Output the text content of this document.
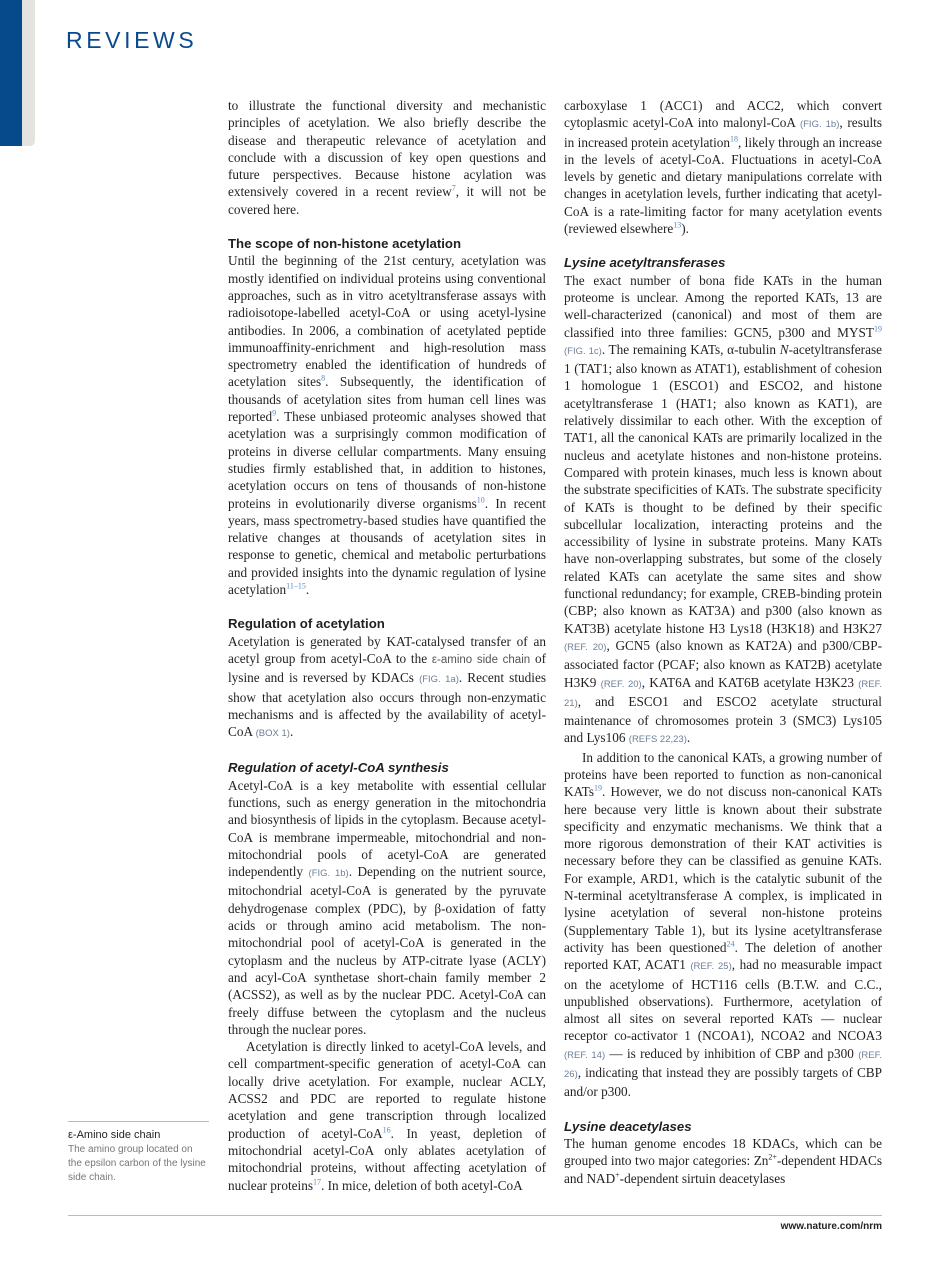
REVIEWS

to illustrate the functional diversity and mechanistic principles of acetylation. We also briefly describe the disease and therapeutic relevance of acetylation and conclude with a discussion of key open questions and future perspectives. Because histone acylation was extensively covered in a recent review$^7$, it will not be covered here.

The scope of non-histone acetylation

Until the beginning of the 21st century, acetylation was mostly identified on individual proteins using conventional approaches, such as in vitro acetyltransferase assays with radioisotope-labelled acetyl-CoA or using acetyl-lysine antibodies. In 2006, a combination of acetylated peptide immunoaffinity-enrichment and high-resolution mass spectrometry enabled the identification of hundreds of acetylation sites$^8$. Subsequently, the identification of thousands of acetylation sites from human cell lines was reported$^9$. These unbiased proteomic analyses showed that acetylation was a surprisingly common modification of proteins in diverse cellular compartments. Many ensuing studies firmly established that, in addition to histones, acetylation occurs on tens of thousands of non-histone proteins in evolutionarily diverse organisms$^{10}$. In recent years, mass spectrometry-based studies have quantified the relative changes at thousands of acetylation sites in response to genetic, chemical and metabolic perturbations and provided insights into the dynamic regulation of lysine acetylation$^{11-15}$.

Regulation of acetylation

Acetylation is generated by KAT-catalysed transfer of an acetyl group from acetyl-CoA to the ε-amino side chain of lysine and is reversed by KDACs (FIG. 1a). Recent studies show that acetylation also occurs through non-enzymatic mechanisms and is affected by the availability of acetyl-CoA (BOX 1).

Regulation of acetyl-CoA synthesis

Acetyl-CoA is a key metabolite with essential cellular functions, such as energy generation in the mitochondria and biosynthesis of lipids in the cytoplasm. Because acetyl-CoA is membrane impermeable, mitochondrial and non-mitochondrial pools of acetyl-CoA are generated independently (FIG. 1b). Depending on the nutrient source, mitochondrial acetyl-CoA is generated by the pyruvate dehydrogenase complex (PDC), by β-oxidation of fatty acids or through amino acid metabolism. The non-mitochondrial pool of acetyl-CoA is generated in the cytoplasm and the nucleus by ATP-citrate lyase (ACLY) and acyl-CoA synthetase short-chain family member 2 (ACSS2), as well as by the nuclear PDC. Acetyl-CoA can freely diffuse between the cytoplasm and the nucleus through the nuclear pores.

Acetylation is directly linked to acetyl-CoA levels, and cell compartment-specific generation of acetyl-CoA can locally drive acetylation. For example, nuclear ACLY, ACSS2 and PDC are reported to regulate histone acetylation and gene transcription through localized production of acetyl-CoA$^{16}$. In yeast, depletion of mitochondrial acetyl-CoA only ablates acetylation of mitochondrial proteins, without affecting acetylation of nuclear proteins$^{17}$. In mice, deletion of both acetyl-CoA

carboxylase 1 (ACC1) and ACC2, which convert cytoplasmic acetyl-CoA into malonyl-CoA (FIG. 1b), results in increased protein acetylation$^{18}$, likely through an increase in the levels of acetyl-CoA. Fluctuations in acetyl-CoA levels by genetic and dietary manipulations correlate with changes in acetylation levels, further indicating that acetyl-CoA is a rate-limiting factor for many acetylation events (reviewed elsewhere$^{13}$).

Lysine acetyltransferases

The exact number of bona fide KATs in the human proteome is unclear. Among the reported KATs, 13 are well-characterized (canonical) and most of them are classified into three families: GCN5, p300 and MYST$^{19}$ (FIG. 1c). The remaining KATs, α-tubulin N-acetyltransferase 1 (TAT1; also known as ATAT1), establishment of cohesion 1 homologue 1 (ESCO1) and ESCO2, and histone acetyltransferase 1 (HAT1; also known as KAT1), are relatively dissimilar to each other. With the exception of TAT1, all the canonical KATs are primarily localized in the nucleus and acetylate histones and non-histone proteins. Compared with protein kinases, much less is known about the substrate specificities of KATs. The substrate specificity of KATs is thought to be defined by their specific subcellular localization, interacting proteins and the accessibility of lysine in substrate proteins. Many KATs have non-overlapping substrates, but some of the closely related KATs can acetylate the same sites and show functional redundancy; for example, CREB-binding protein (CBP; also known as KAT3A) and p300 (also known as KAT3B) acetylate histone H3 Lys18 (H3K18) and H3K27 (REF. 20), GCN5 (also known as KAT2A) and p300/CBP-associated factor (PCAF; also known as KAT2B) acetylate H3K9 (REF. 20), KAT6A and KAT6B acetylate H3K23 (REF. 21), and ESCO1 and ESCO2 acetylate structural maintenance of chromosomes protein 3 (SMC3) Lys105 and Lys106 (REFS 22,23).

In addition to the canonical KATs, a growing number of proteins have been reported to function as non-canonical KATs$^{19}$. However, we do not discuss non-canonical KATs here because very little is known about their substrate specificity and enzymatic mechanisms. We think that a more rigorous demonstration of their KAT activities is necessary before they can be classified as genuine KATs. For example, ARD1, which is the catalytic subunit of the N-terminal acetyltransferase A complex, is implicated in lysine acetylation of several non-histone proteins (Supplementary Table 1), but its lysine acetyltransferase activity has been questioned$^{24}$. The deletion of another reported KAT, ACAT1 (REF. 25), had no measurable impact on the acetylome of HCT116 cells (B.T.W. and C.C., unpublished observations). Furthermore, acetylation of almost all sites on several reported KATs — nuclear receptor co-activator 1 (NCOA1), NCOA2 and NCOA3 (REF. 14) — is reduced by inhibition of CBP and p300 (REF. 26), indicating that instead they are possibly targets of CBP and/or p300.

Lysine deacetylases

The human genome encodes 18 KDACs, which can be grouped into two major categories: $Zn^{2+}$-dependent HDACs and NAD+-dependent sirtuin deacetylases

ε-Amino side chain
The amino group located on the epsilon carbon of the lysine side chain.
www.nature.com/nrm
